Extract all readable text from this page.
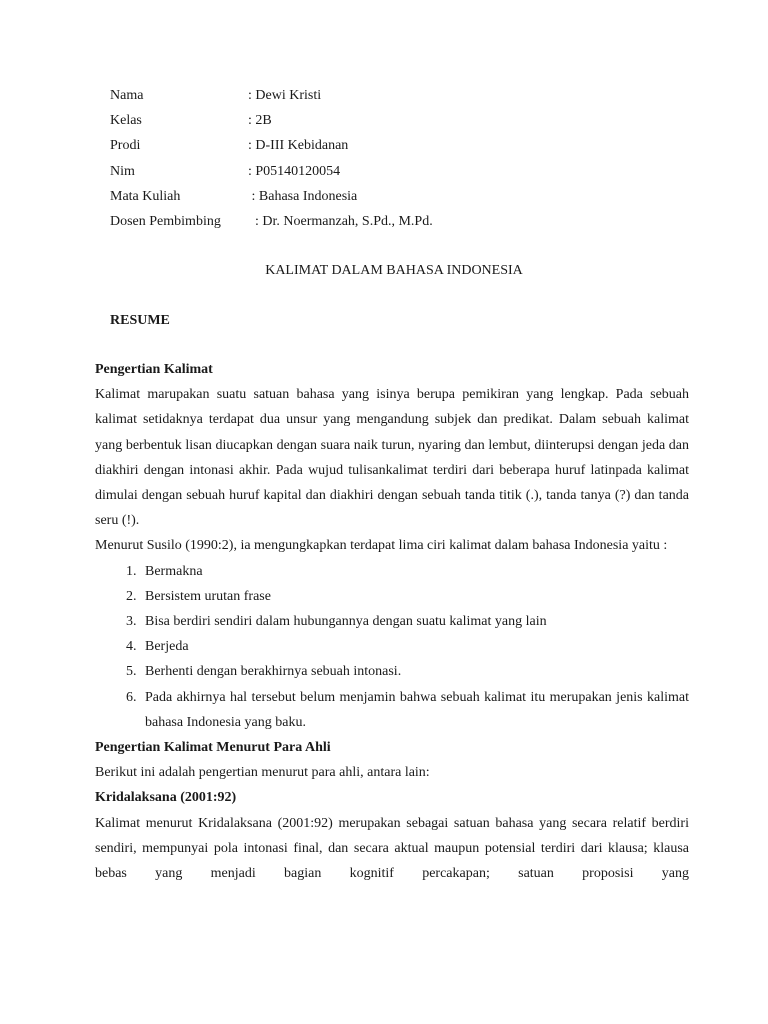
Nama	: Dewi Kristi
Kelas	: 2B
Prodi	: D-III Kebidanan
Nim	: P05140120054
Mata Kuliah	: Bahasa Indonesia
Dosen Pembimbing  : Dr. Noermanzah, S.Pd., M.Pd.
KALIMAT DALAM BAHASA INDONESIA
RESUME
Pengertian Kalimat
Kalimat marupakan suatu satuan bahasa yang isinya berupa pemikiran yang lengkap. Pada sebuah kalimat setidaknya terdapat dua unsur yang mengandung subjek dan predikat. Dalam sebuah kalimat yang berbentuk lisan diucapkan dengan suara naik turun, nyaring dan lembut, diinterupsi dengan jeda dan diakhiri dengan intonasi akhir. Pada wujud tulisankalimat terdiri dari beberapa huruf latinpada kalimat dimulai dengan sebuah huruf kapital dan diakhiri dengan sebuah tanda titik (.), tanda tanya (?) dan tanda seru (!).
Menurut Susilo (1990:2), ia mengungkapkan terdapat lima ciri kalimat dalam bahasa Indonesia yaitu :
1. Bermakna
2. Bersistem urutan frase
3. Bisa berdiri sendiri dalam hubungannya dengan suatu kalimat yang lain
4. Berjeda
5. Berhenti dengan berakhirnya sebuah intonasi.
6. Pada akhirnya hal tersebut belum menjamin bahwa sebuah kalimat itu merupakan jenis kalimat bahasa Indonesia yang baku.
Pengertian Kalimat Menurut Para Ahli
Berikut ini adalah pengertian menurut para ahli, antara lain:
Kridalaksana (2001:92)
Kalimat menurut Kridalaksana (2001:92) merupakan sebagai satuan bahasa yang secara relatif berdiri sendiri, mempunyai pola intonasi final, dan secara aktual maupun potensial terdiri dari klausa; klausa bebas yang menjadi bagian kognitif percakapan; satuan proposisi yang
